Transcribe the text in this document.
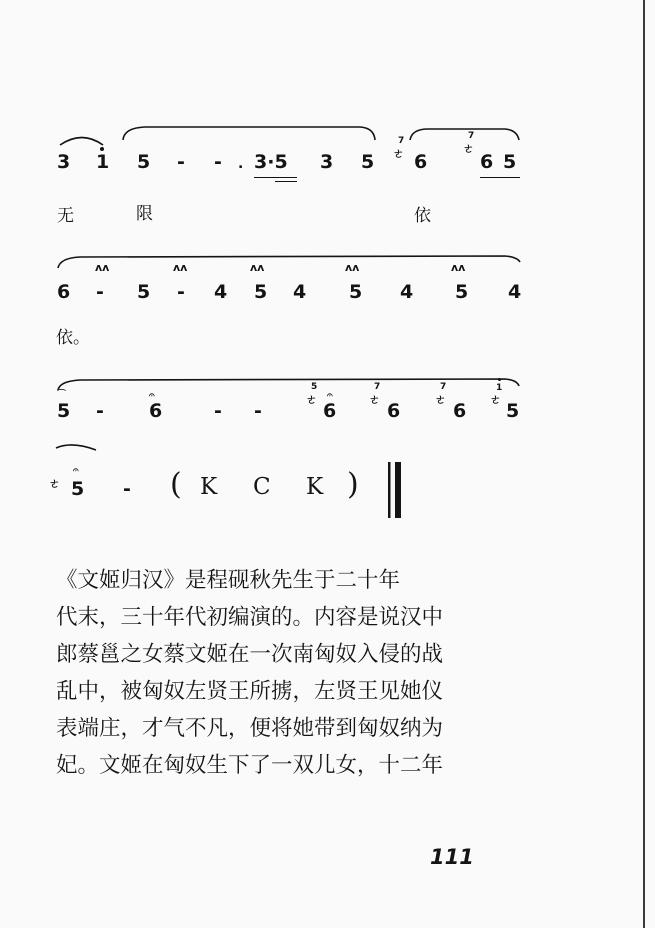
3 1 5 - - . 3·5 3 5
7
ㄜ 6
7
ㄜ
6 5
无	限	依
ʌʌ	ʌʌ	ʌʌ	ʌʌ	ʌʌ
6 - 5 - 4 5 4 5 4 5 4
依。
⌒	𝄐
5 - 6	- -
5
ㄜ 𝄐
6
7
ㄜ
6
7
ㄜ
6
1
ㄜ
5
ㄜ
𝄐
5 - ( K C K )
《文姬归汉》是程砚秋先生于二十年
代末，三十年代初编演的。内容是说汉中
郎蔡邕之女蔡文姬在一次南匈奴入侵的战
乱中，被匈奴左贤王所掳，左贤王见她仪
表端庄，才气不凡，便将她带到匈奴纳为
妃。文姬在匈奴生下了一双儿女，十二年
111
